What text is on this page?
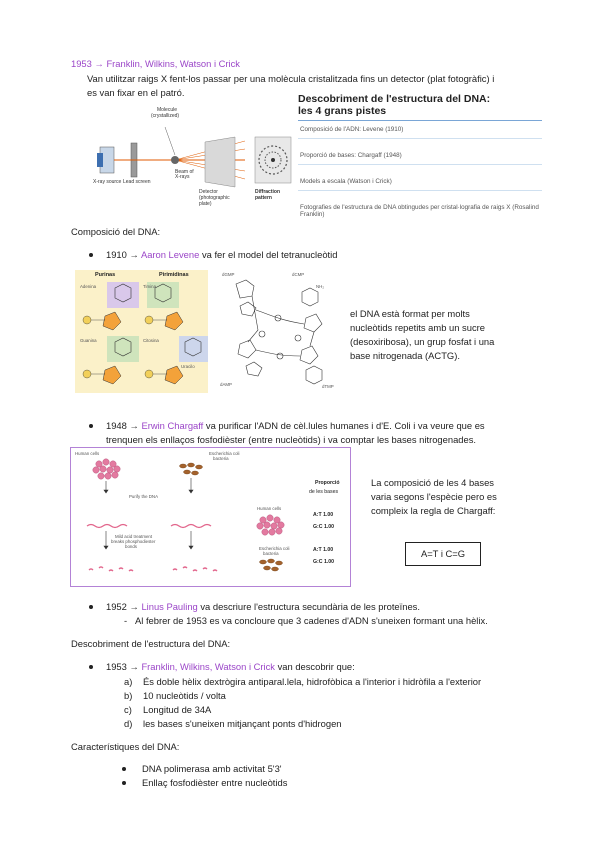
1953 → Franklin, Wilkins, Watson i Crick
Van utilitzar raigs X fent-los passar per una molècula cristalitzada fins un detector (plat fotogràfic) i
es van fixar en el patró.
Molecule
(crystallized)
X-ray source Lead screen
Beam of
X-rays
Detector
(photographic
plate)
Diffraction
pattern
Descobriment de l'estructura del DNA:
les 4 grans pistes
Composició de l'ADN: Levene (1910)
Proporció de bases: Chargaff (1948)
Models a escala (Watson i Crick)
Fotografies de l'estructura de DNA obtingudes per cristal·lografia de raigs X (Rosalind Franklin)
Composició del DNA:
1910 → Aaron Levene va fer el model del tetranucleòtid
Purinas	Pirimidinas
Adenina	Timina
Guanina	Citosina
Uracilo
dGMP	dCMP
dAMP	dTMP
NH₂
el DNA està format per molts
nucleòtids repetits amb un sucre
(desoxiribosa), un grup fosfat i una
base nitrogenada (ACTG).
1948 → Erwin Chargaff va purificar l'ADN de cèl.lules humanes i d'E. Coli i va veure que es
trenquen els enllaços fosfodièster (entre nucleòtids) i va comptar les bases nitrogenades.
Human cells	Escherichia coli
bacteria
Purify the DNA
Mild acid treatment
breaks phosphodiester
bonds
Proporció
de les bases
Human cells
A:T 1.00
G:C 1.00
Escherichia coli
bacteria
A:T 1.00
G:C 1.00
La composició de les 4 bases
varia segons l'espècie pero es
compleix la regla de Chargaff:
A=T i C=G
1952 → Linus Pauling va descriure l'estructura secundària de les proteïnes.
- Al febrer de 1953 es va concloure que 3 cadenes d'ADN s'uneixen formant una hèlix.
Descobriment de l'estructura del DNA:
1953 → Franklin, Wilkins, Watson i Crick van descobrir que:
a) És doble hèlix dextrògira antiparal.lela, hidrofòbica a l'interior i hidròfila a l'exterior
b) 10 nucleòtids / volta
c) Longitud de 34A
d) les bases s'uneixen mitjançant ponts d'hidrogen
Característiques del DNA:
DNA polimerasa amb activitat 5'3'
Enllaç fosfodièster entre nucleòtids
